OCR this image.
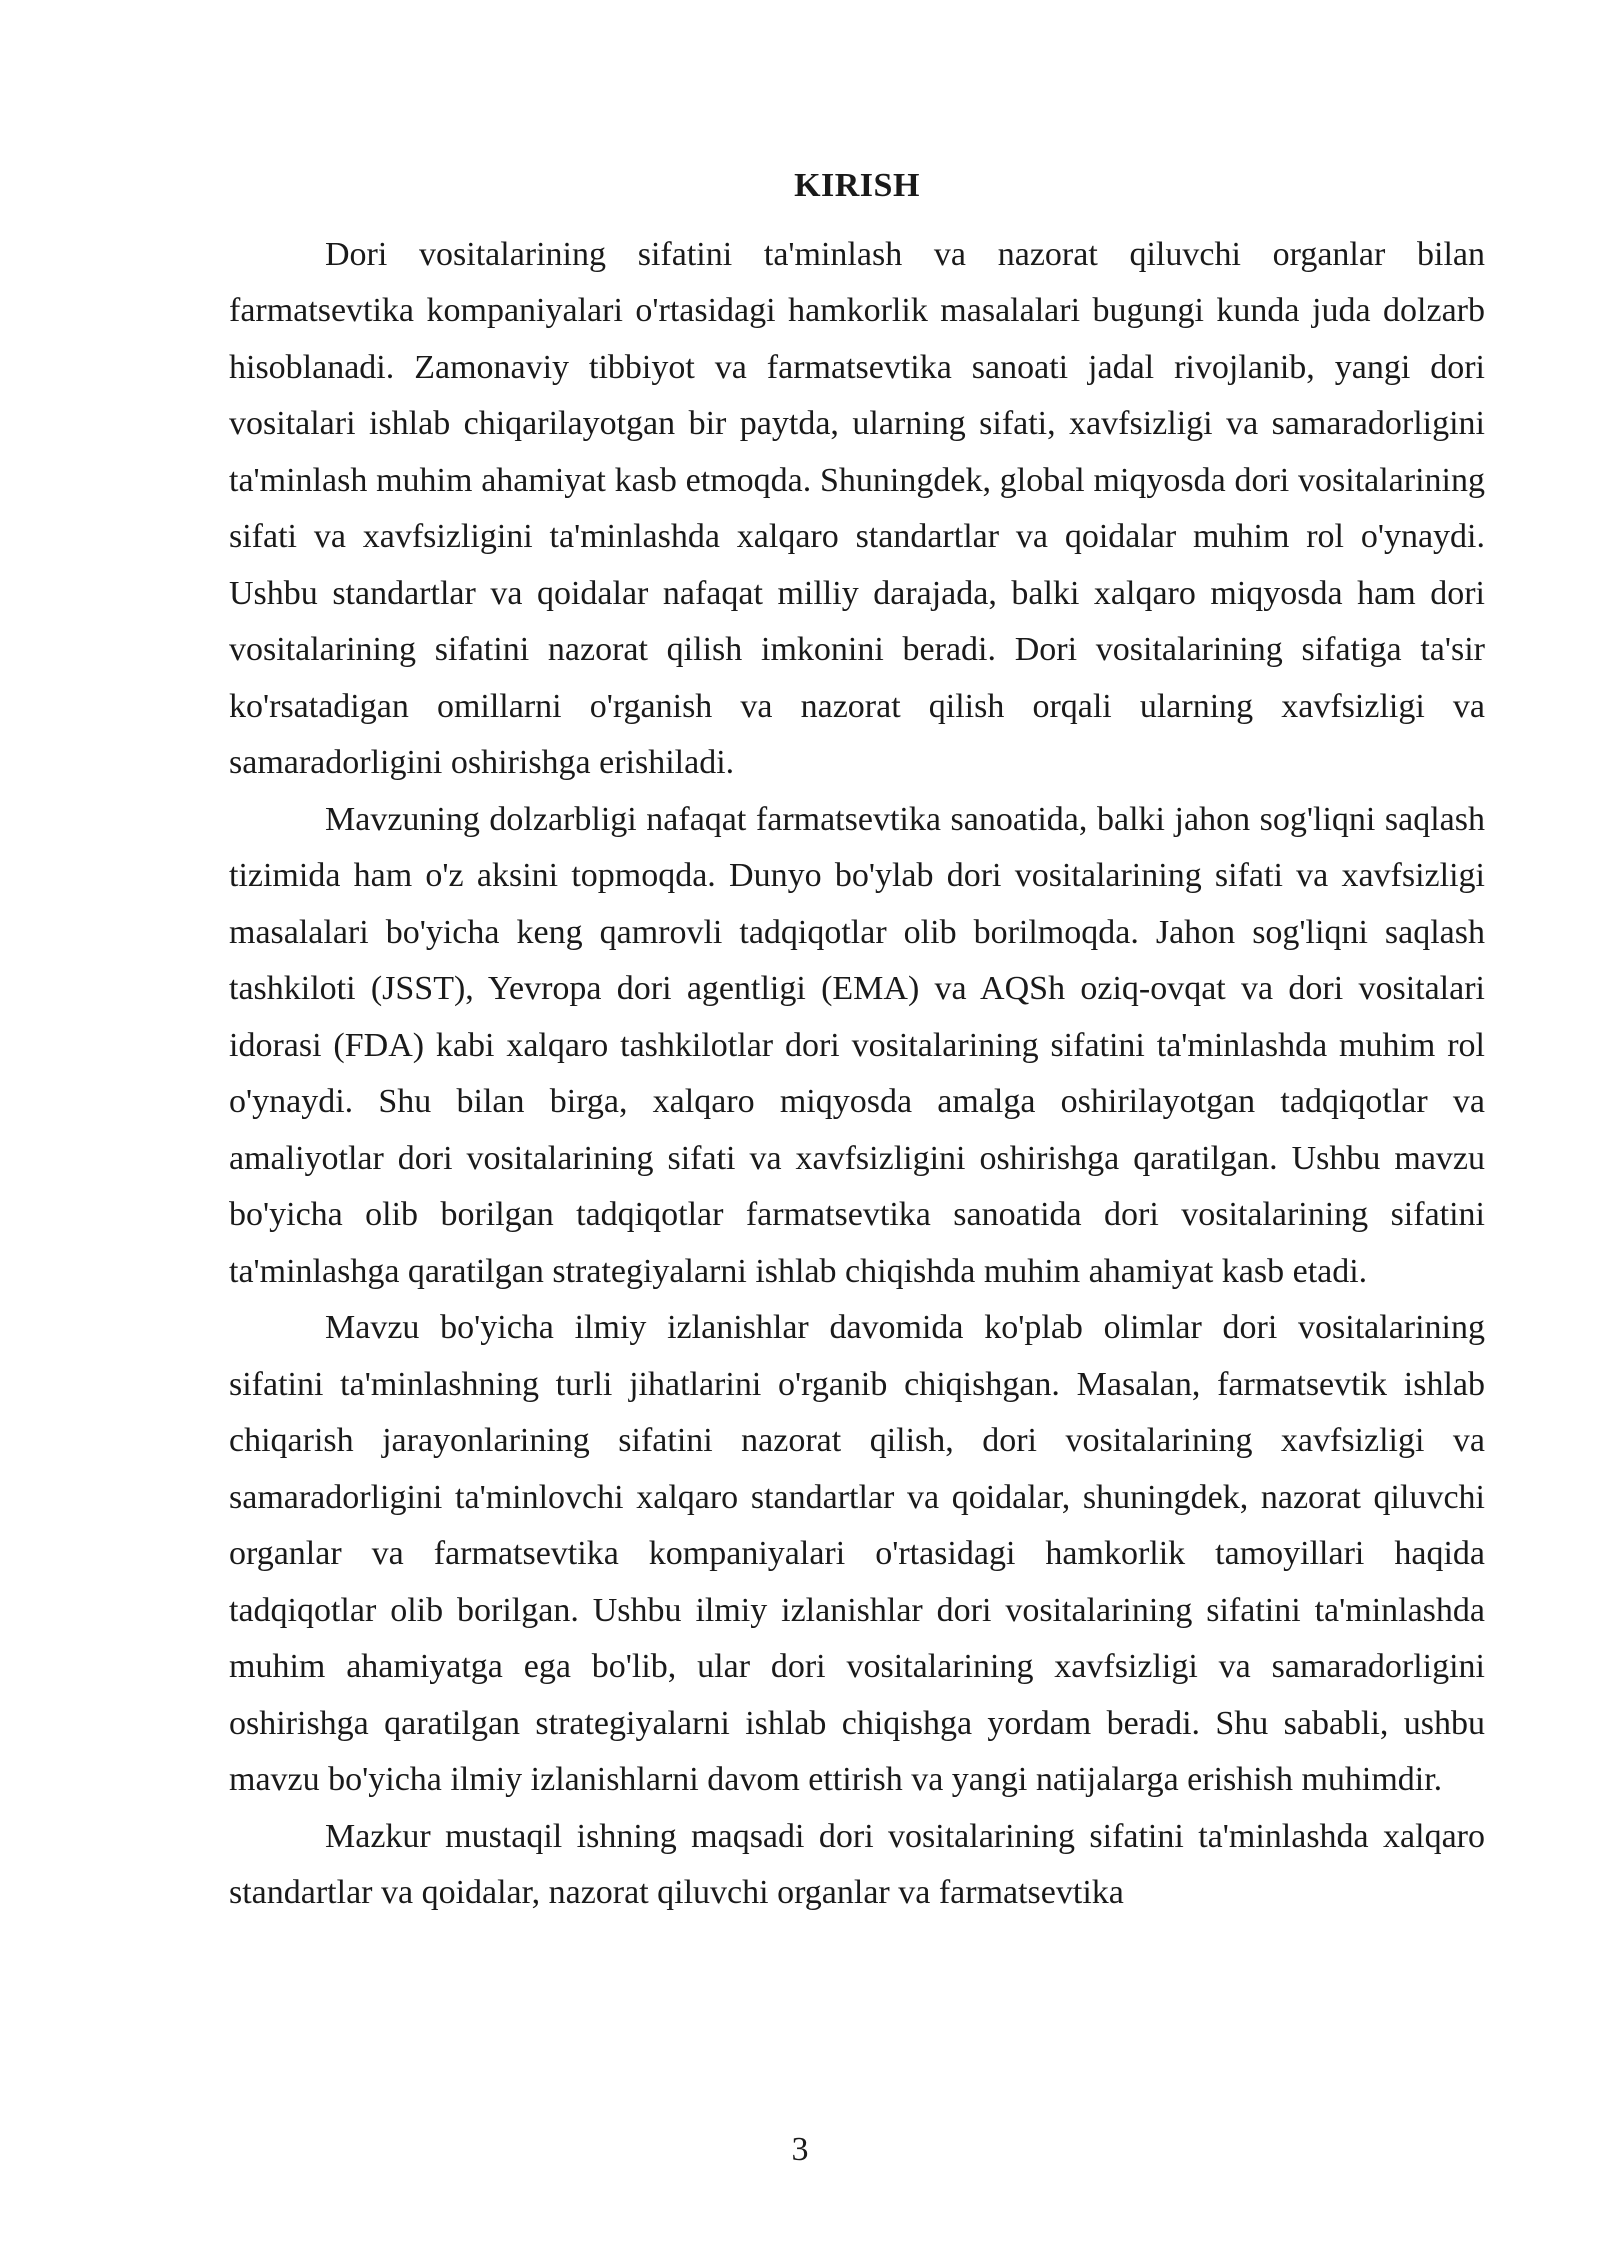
KIRISH

Dori vositalarining sifatini ta'minlash va nazorat qiluvchi organlar bilan farmatsevtika kompaniyalari o'rtasidagi hamkorlik masalalari bugungi kunda juda dolzarb hisoblanadi. Zamonaviy tibbiyot va farmatsevtika sanoati jadal rivojlanib, yangi dori vositalari ishlab chiqarilayotgan bir paytda, ularning sifati, xavfsizligi va samaradorligini ta'minlash muhim ahamiyat kasb etmoqda. Shuningdek, global miqyosda dori vositalarining sifati va xavfsizligini ta'minlashda xalqaro standartlar va qoidalar muhim rol o'ynaydi. Ushbu standartlar va qoidalar nafaqat milliy darajada, balki xalqaro miqyosda ham dori vositalarining sifatini nazorat qilish imkonini beradi. Dori vositalarining sifatiga ta'sir ko'rsatadigan omillarni o'rganish va nazorat qilish orqali ularning xavfsizligi va samaradorligini oshirishga erishiladi.

Mavzuning dolzarbligi nafaqat farmatsevtika sanoatida, balki jahon sog'liqni saqlash tizimida ham o'z aksini topmoqda. Dunyo bo'ylab dori vositalarining sifati va xavfsizligi masalalari bo'yicha keng qamrovli tadqiqotlar olib borilmoqda. Jahon sog'liqni saqlash tashkiloti (JSST), Yevropa dori agentligi (EMA) va AQSh oziq-ovqat va dori vositalari idorasi (FDA) kabi xalqaro tashkilotlar dori vositalarining sifatini ta'minlashda muhim rol o'ynaydi. Shu bilan birga, xalqaro miqyosda amalga oshirilayotgan tadqiqotlar va amaliyotlar dori vositalarining sifati va xavfsizligini oshirishga qaratilgan. Ushbu mavzu bo'yicha olib borilgan tadqiqotlar farmatsevtika sanoatida dori vositalarining sifatini ta'minlashga qaratilgan strategiyalarni ishlab chiqishda muhim ahamiyat kasb etadi.

Mavzu bo'yicha ilmiy izlanishlar davomida ko'plab olimlar dori vositalarining sifatini ta'minlashning turli jihatlarini o'rganib chiqishgan. Masalan, farmatsevtik ishlab chiqarish jarayonlarining sifatini nazorat qilish, dori vositalarining xavfsizligi va samaradorligini ta'minlovchi xalqaro standartlar va qoidalar, shuningdek, nazorat qiluvchi organlar va farmatsevtika kompaniyalari o'rtasidagi hamkorlik tamoyillari haqida tadqiqotlar olib borilgan. Ushbu ilmiy izlanishlar dori vositalarining sifatini ta'minlashda muhim ahamiyatga ega bo'lib, ular dori vositalarining xavfsizligi va samaradorligini oshirishga qaratilgan strategiyalarni ishlab chiqishga yordam beradi. Shu sababli, ushbu mavzu bo'yicha ilmiy izlanishlarni davom ettirish va yangi natijalarga erishish muhimdir.

Mazkur mustaqil ishning maqsadi dori vositalarining sifatini ta'minlashda xalqaro standartlar va qoidalar, nazorat qiluvchi organlar va farmatsevtika

3
